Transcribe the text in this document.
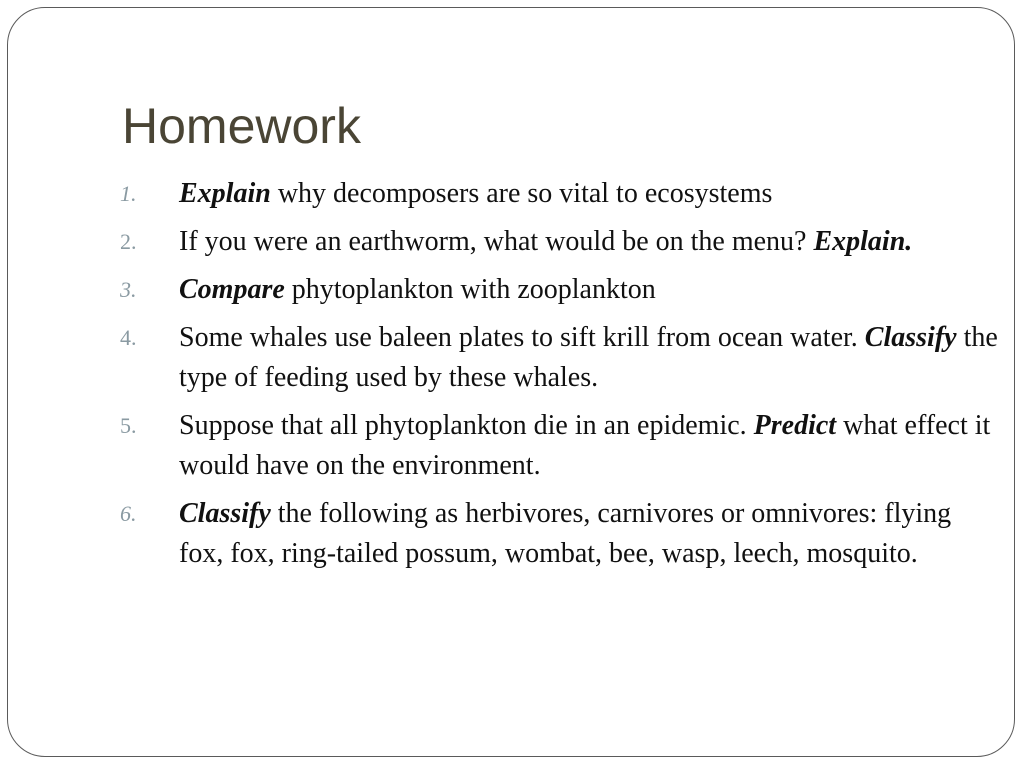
Homework
1. Explain why decomposers are so vital to ecosystems
2. If you were an earthworm, what would be on the menu? Explain.
3. Compare phytoplankton with zooplankton
4. Some whales use baleen plates to sift krill from ocean water. Classify the type of feeding used by these whales.
5. Suppose that all phytoplankton die in an epidemic. Predict what effect it would have on the environment.
6. Classify the following as herbivores, carnivores or omnivores: flying fox, fox, ring-tailed possum, wombat, bee, wasp, leech, mosquito.
